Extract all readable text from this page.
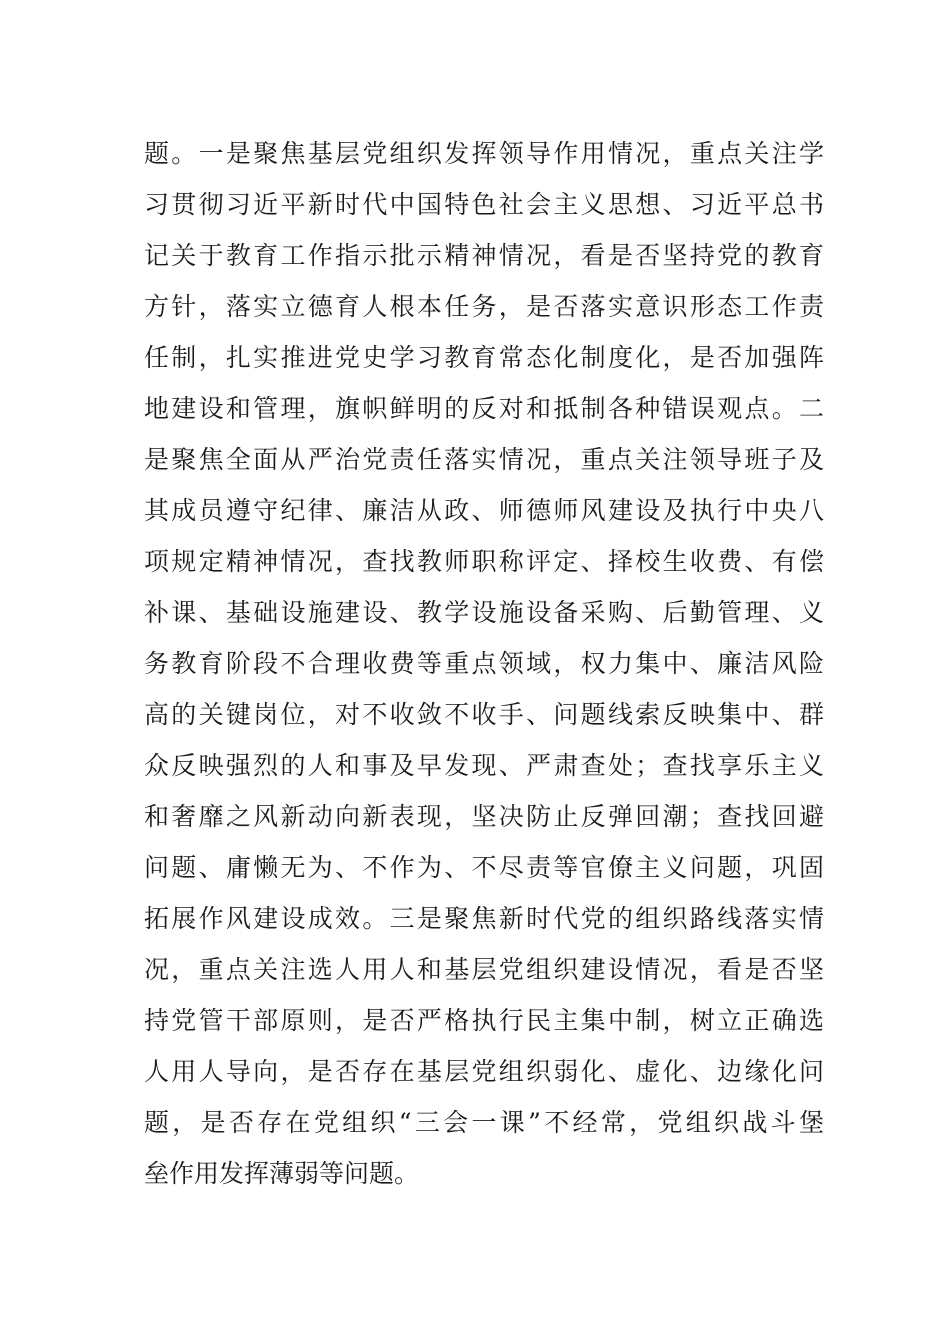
题。一是聚焦基层党组织发挥领导作用情况，重点关注学
习贯彻习近平新时代中国特色社会主义思想、习近平总书
记关于教育工作指示批示精神情况，看是否坚持党的教育
方针，落实立德育人根本任务，是否落实意识形态工作责
任制，扎实推进党史学习教育常态化制度化，是否加强阵
地建设和管理，旗帜鲜明的反对和抵制各种错误观点。二
是聚焦全面从严治党责任落实情况，重点关注领导班子及
其成员遵守纪律、廉洁从政、师德师风建设及执行中央八
项规定精神情况，查找教师职称评定、择校生收费、有偿
补课、基础设施建设、教学设施设备采购、后勤管理、义
务教育阶段不合理收费等重点领域，权力集中、廉洁风险
高的关键岗位，对不收敛不收手、问题线索反映集中、群
众反映强烈的人和事及早发现、严肃查处；查找享乐主义
和奢靡之风新动向新表现，坚决防止反弹回潮；查找回避
问题、庸懒无为、不作为、不尽责等官僚主义问题，巩固
拓展作风建设成效。三是聚焦新时代党的组织路线落实情
况，重点关注选人用人和基层党组织建设情况，看是否坚
持党管干部原则，是否严格执行民主集中制，树立正确选
人用人导向，是否存在基层党组织弱化、虚化、边缘化问
题，是否存在党组织“三会一课”不经常，党组织战斗堡
垒作用发挥薄弱等问题。
